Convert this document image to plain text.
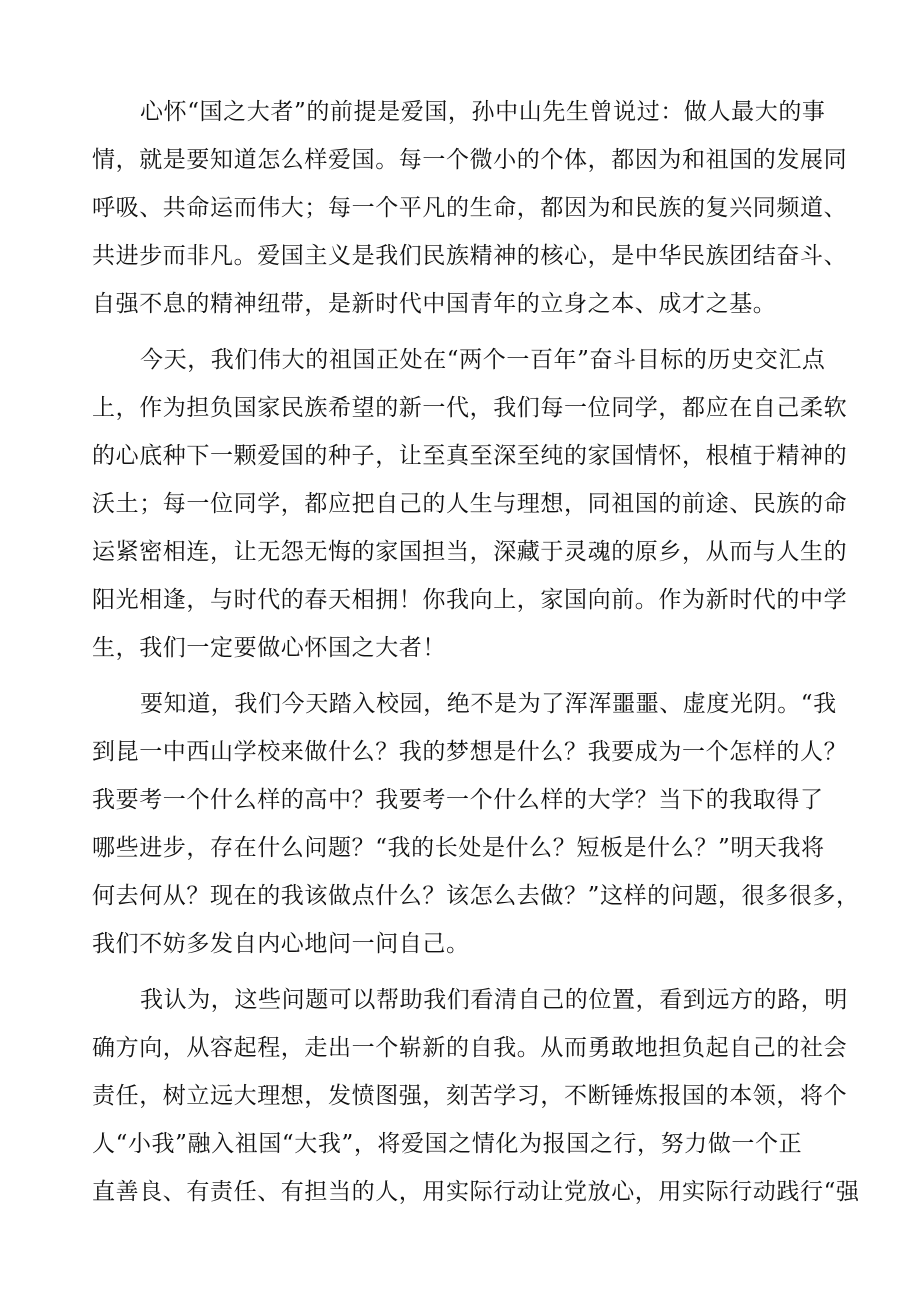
心怀“国之大者”的前提是爱国，孙中山先生曾说过：做人最大的事
情，就是要知道怎么样爱国。每一个微小的个体，都因为和祖国的发展同
呼吸、共命运而伟大；每一个平凡的生命，都因为和民族的复兴同频道、
共进步而非凡。爱国主义是我们民族精神的核心，是中华民族团结奋斗、
自强不息的精神纽带，是新时代中国青年的立身之本、成才之基。
今天，我们伟大的祖国正处在“两个一百年”奋斗目标的历史交汇点
上，作为担负国家民族希望的新一代，我们每一位同学，都应在自己柔软
的心底种下一颗爱国的种子，让至真至深至纯的家国情怀，根植于精神的
沃土；每一位同学，都应把自己的人生与理想，同祖国的前途、民族的命
运紧密相连，让无怨无悔的家国担当，深藏于灵魂的原乡，从而与人生的
阳光相逢，与时代的春天相拥！你我向上，家国向前。作为新时代的中学
生，我们一定要做心怀国之大者！
要知道，我们今天踏入校园，绝不是为了浑浑噩噩、虚度光阴。“我
到昆一中西山学校来做什么？我的梦想是什么？我要成为一个怎样的人？
我要考一个什么样的高中？我要考一个什么样的大学？当下的我取得了
哪些进步，存在什么问题？“我的长处是什么？短板是什么？”明天我将
何去何从？现在的我该做点什么？该怎么去做？”这样的问题，很多很多，
我们不妨多发自内心地问一问自己。
我认为，这些问题可以帮助我们看清自己的位置，看到远方的路，明
确方向，从容起程，走出一个崭新的自我。从而勇敢地担负起自己的社会
责任，树立远大理想，发愤图强，刻苦学习，不断锤炼报国的本领，将个
人“小我”融入祖国“大我”，将爱国之情化为报国之行，努力做一个正
直善良、有责任、有担当的人，用实际行动让党放心，用实际行动践行“强
